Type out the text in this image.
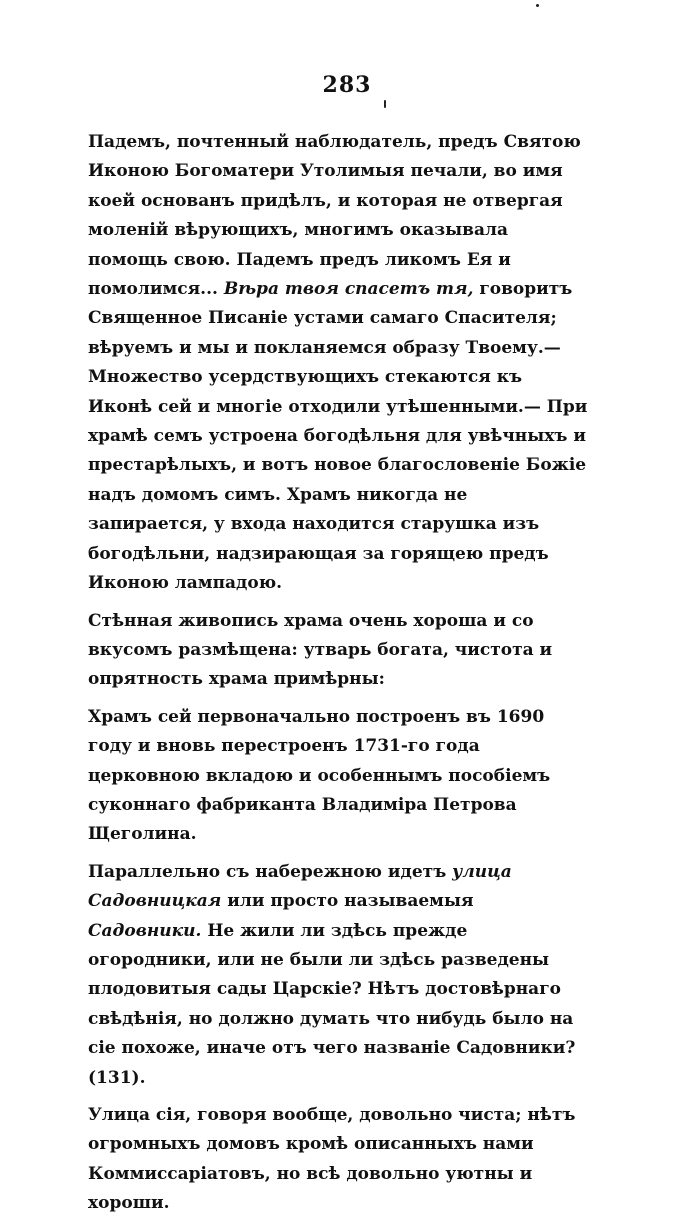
283

Падемъ, почтенный наблюдатель, предъ Святою Иконою Богоматери Утолимыя печали, во имя коей основанъ придѣлъ, и которая не отвергая моленій вѣрующихъ, многимъ оказывала помощь свою. Падемъ предъ ликомъ Ея и помолимся... Вѣра твоя спасетъ тя, говоритъ Священное Писаніе устами самаго Спасителя; вѣруемъ и мы и покланяемся образу Твоему.— Множество усердствующихъ стекаются къ Иконѣ сей и многіе отходили утѣшенными.— При храмѣ семъ устроена богодѣльня для увѣчныхъ и престарѣлыхъ, и вотъ новое благословеніе Божіе надъ домомъ симъ. Храмъ никогда не запирается, у входа находится старушка изъ богодѣльни, надзирающая за горящею предъ Иконою лампадою.

Стѣнная живопись храма очень хороша и со вкусомъ размѣщена: утварь богата, чистота и опрятность храма примѣрны:

Храмъ сей первоначально построенъ въ 1690 году и вновь перестроенъ 1731-го года церковною вкладою и особеннымъ пособіемъ суконнаго фабриканта Владиміра Петрова Щеголина.

Параллельно съ набережною идетъ улица Садовницкая или просто называемыя Садовники. Не жили ли здѣсь прежде огородники, или не были ли здѣсь разведены плодовитыя сады Царскіе? Нѣтъ достовѣрнаго свѣдѣнія, но должно думать что нибудь было на сіе похоже, иначе отъ чего названіе Садовники? (131).

Улица сія, говоря вообще, довольно чиста; нѣтъ огромныхъ домовъ кромѣ описанныхъ нами Коммиссаріатовъ, но всѣ довольно уютны и хороши.
